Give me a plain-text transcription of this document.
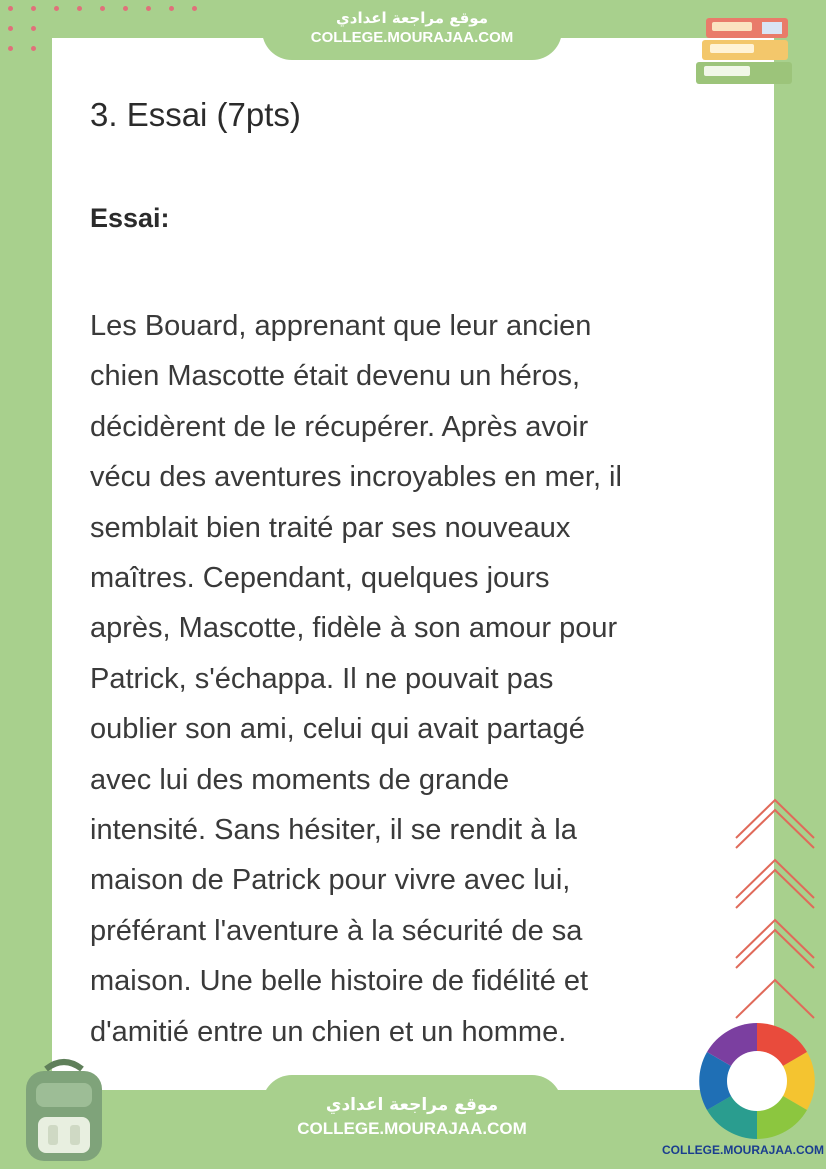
موقع مراجعة اعدادي
COLLEGE.MOURAJAA.COM
3. Essai (7pts)
Essai:
Les Bouard, apprenant que leur ancien
chien Mascotte était devenu un héros,
décidèrent de le récupérer. Après avoir
vécu des aventures incroyables en mer, il
semblait bien traité par ses nouveaux
maîtres. Cependant, quelques jours
après, Mascotte, fidèle à son amour pour
Patrick, s'échappa. Il ne pouvait pas
oublier son ami, celui qui avait partagé
avec lui des moments de grande
intensité. Sans hésiter, il se rendit à la
maison de Patrick pour vivre avec lui,
préférant l'aventure à la sécurité de sa
maison. Une belle histoire de fidélité et
d'amitié entre un chien et un homme.
موقع مراجعة اعدادي
COLLEGE.MOURAJAA.COM
COLLEGE.MOURAJAA.COM
